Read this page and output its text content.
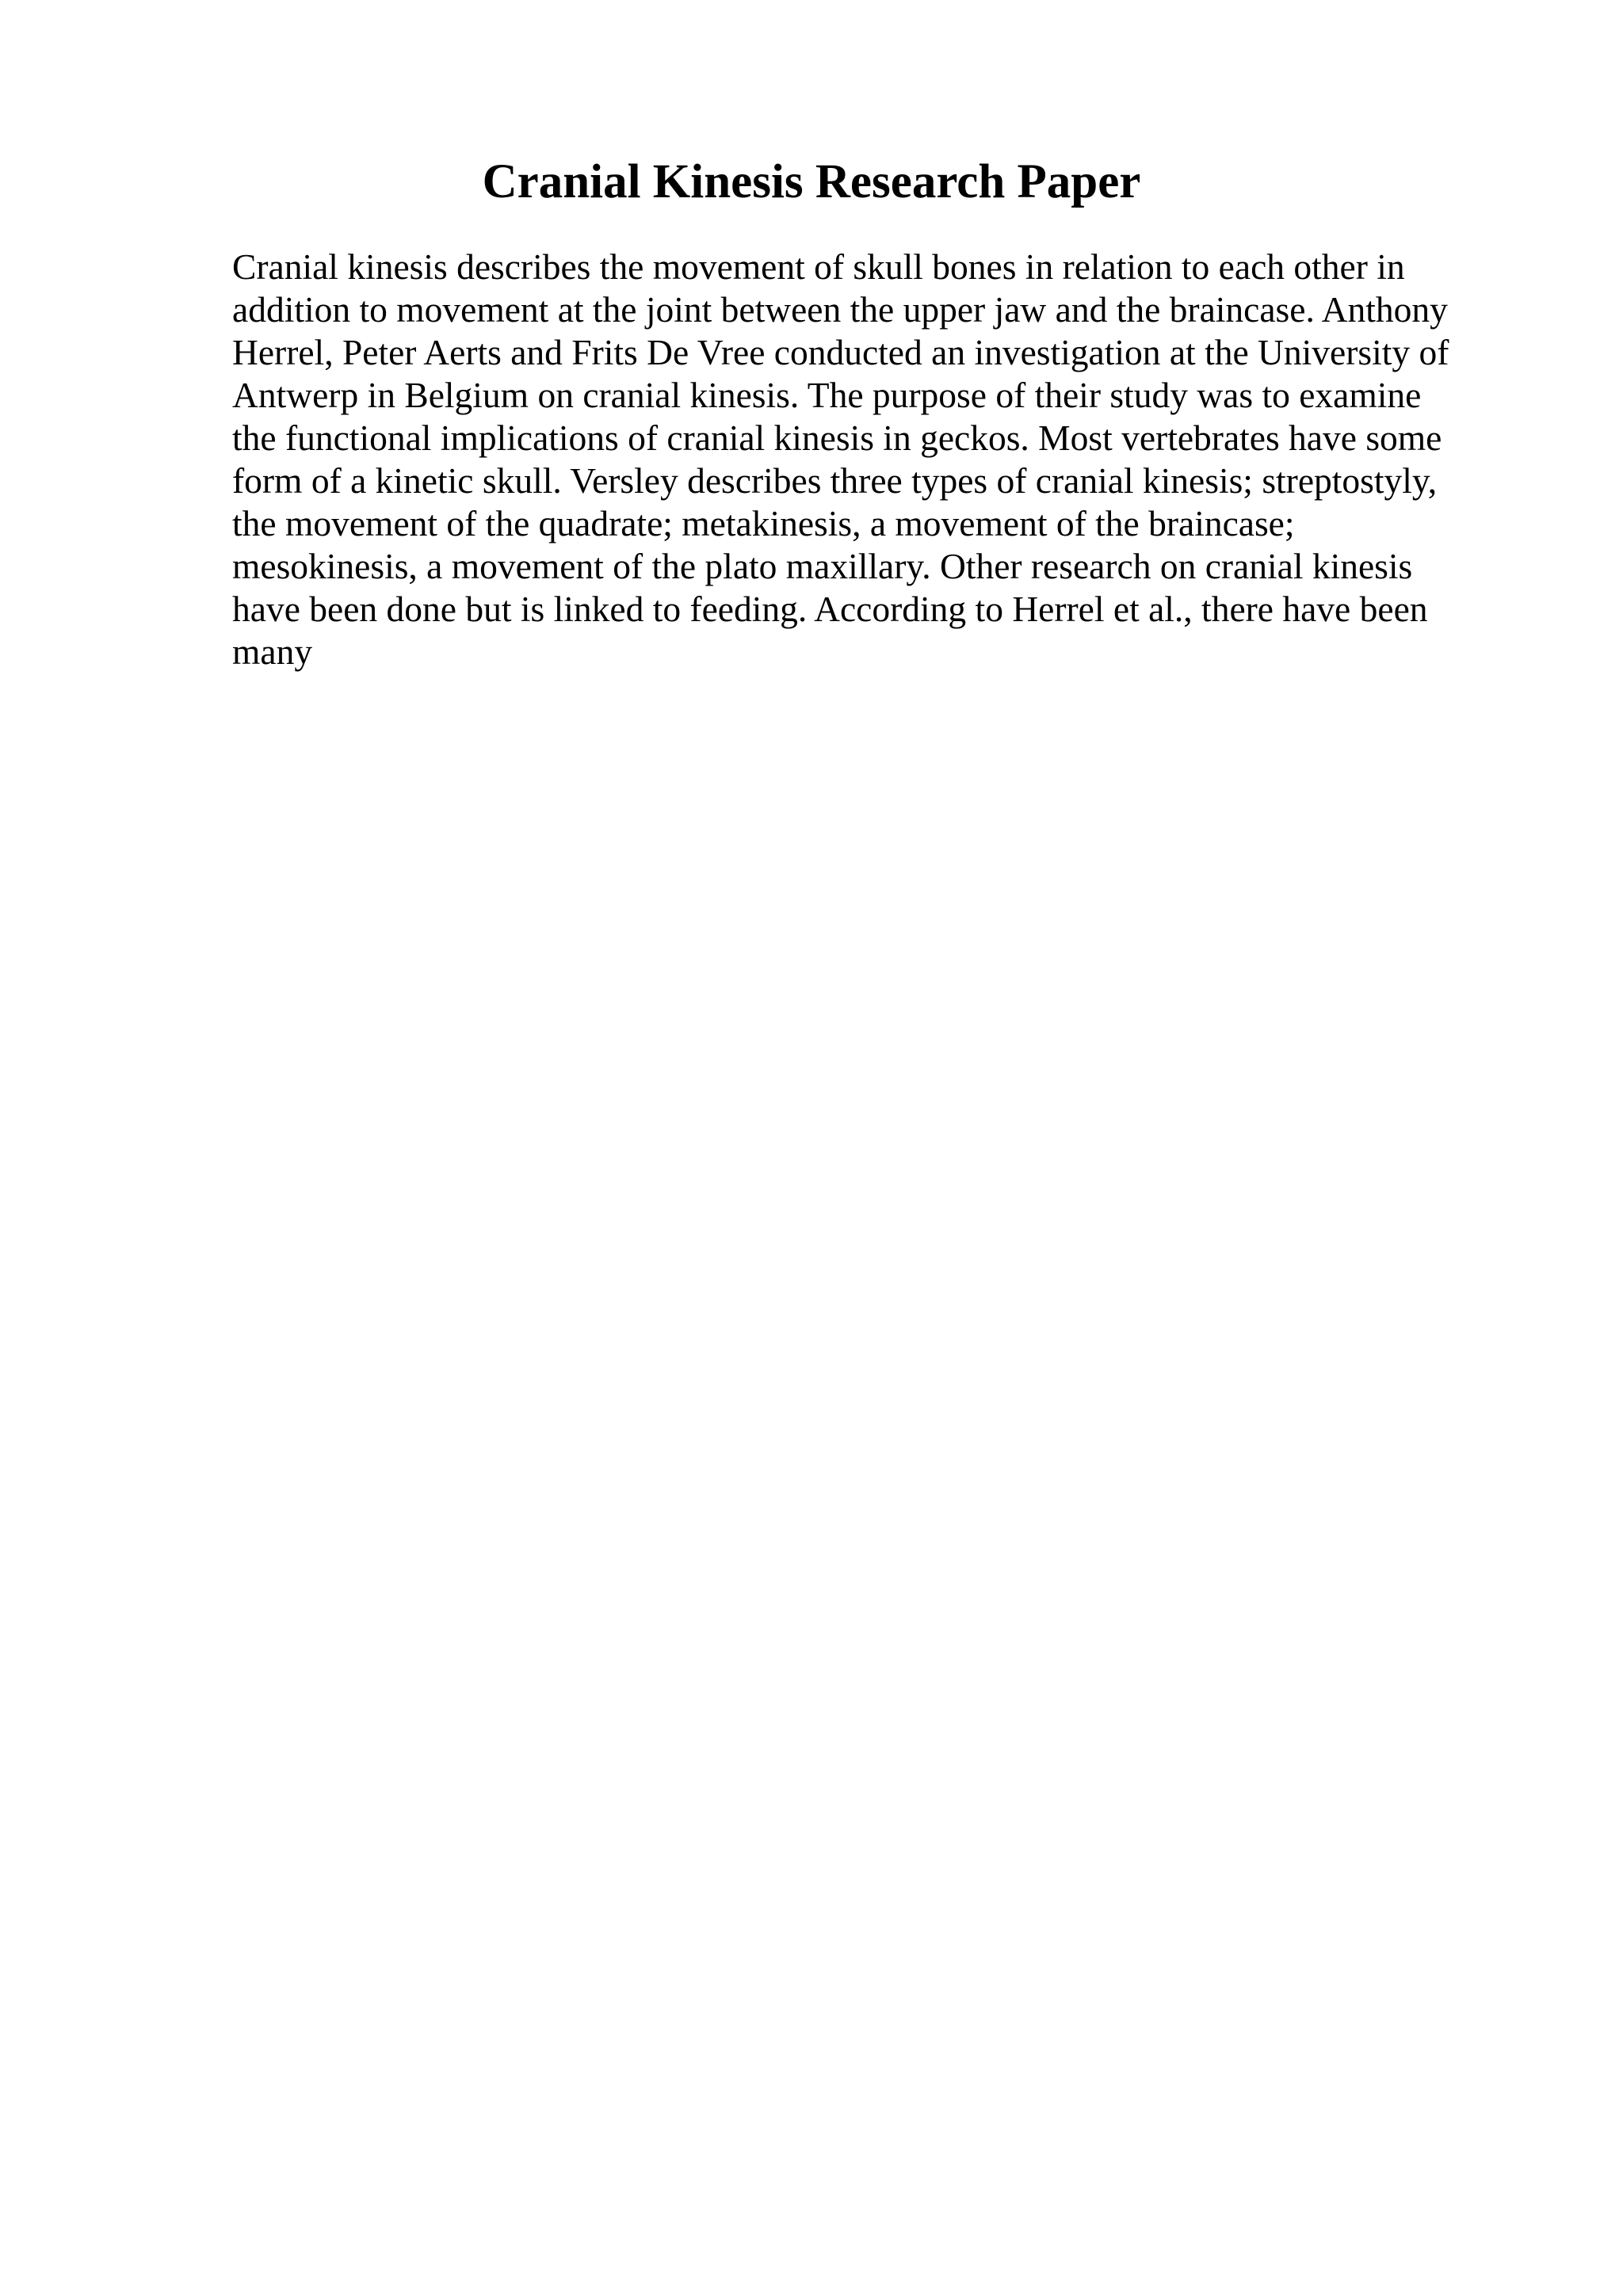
Cranial Kinesis Research Paper

Cranial kinesis describes the movement of skull bones in relation to each other in
addition to movement at the joint between the upper jaw and the braincase. Anthony
Herrel, Peter Aerts and Frits De Vree conducted an investigation at the University of
Antwerp in Belgium on cranial kinesis. The purpose of their study was to examine
the functional implications of cranial kinesis in geckos. Most vertebrates have some
form of a kinetic skull. Versley describes three types of cranial kinesis; streptostyly,
the movement of the quadrate; metakinesis, a movement of the braincase;
mesokinesis, a movement of the plato maxillary. Other research on cranial kinesis
have been done but is linked to feeding. According to Herrel et al., there have been
many
